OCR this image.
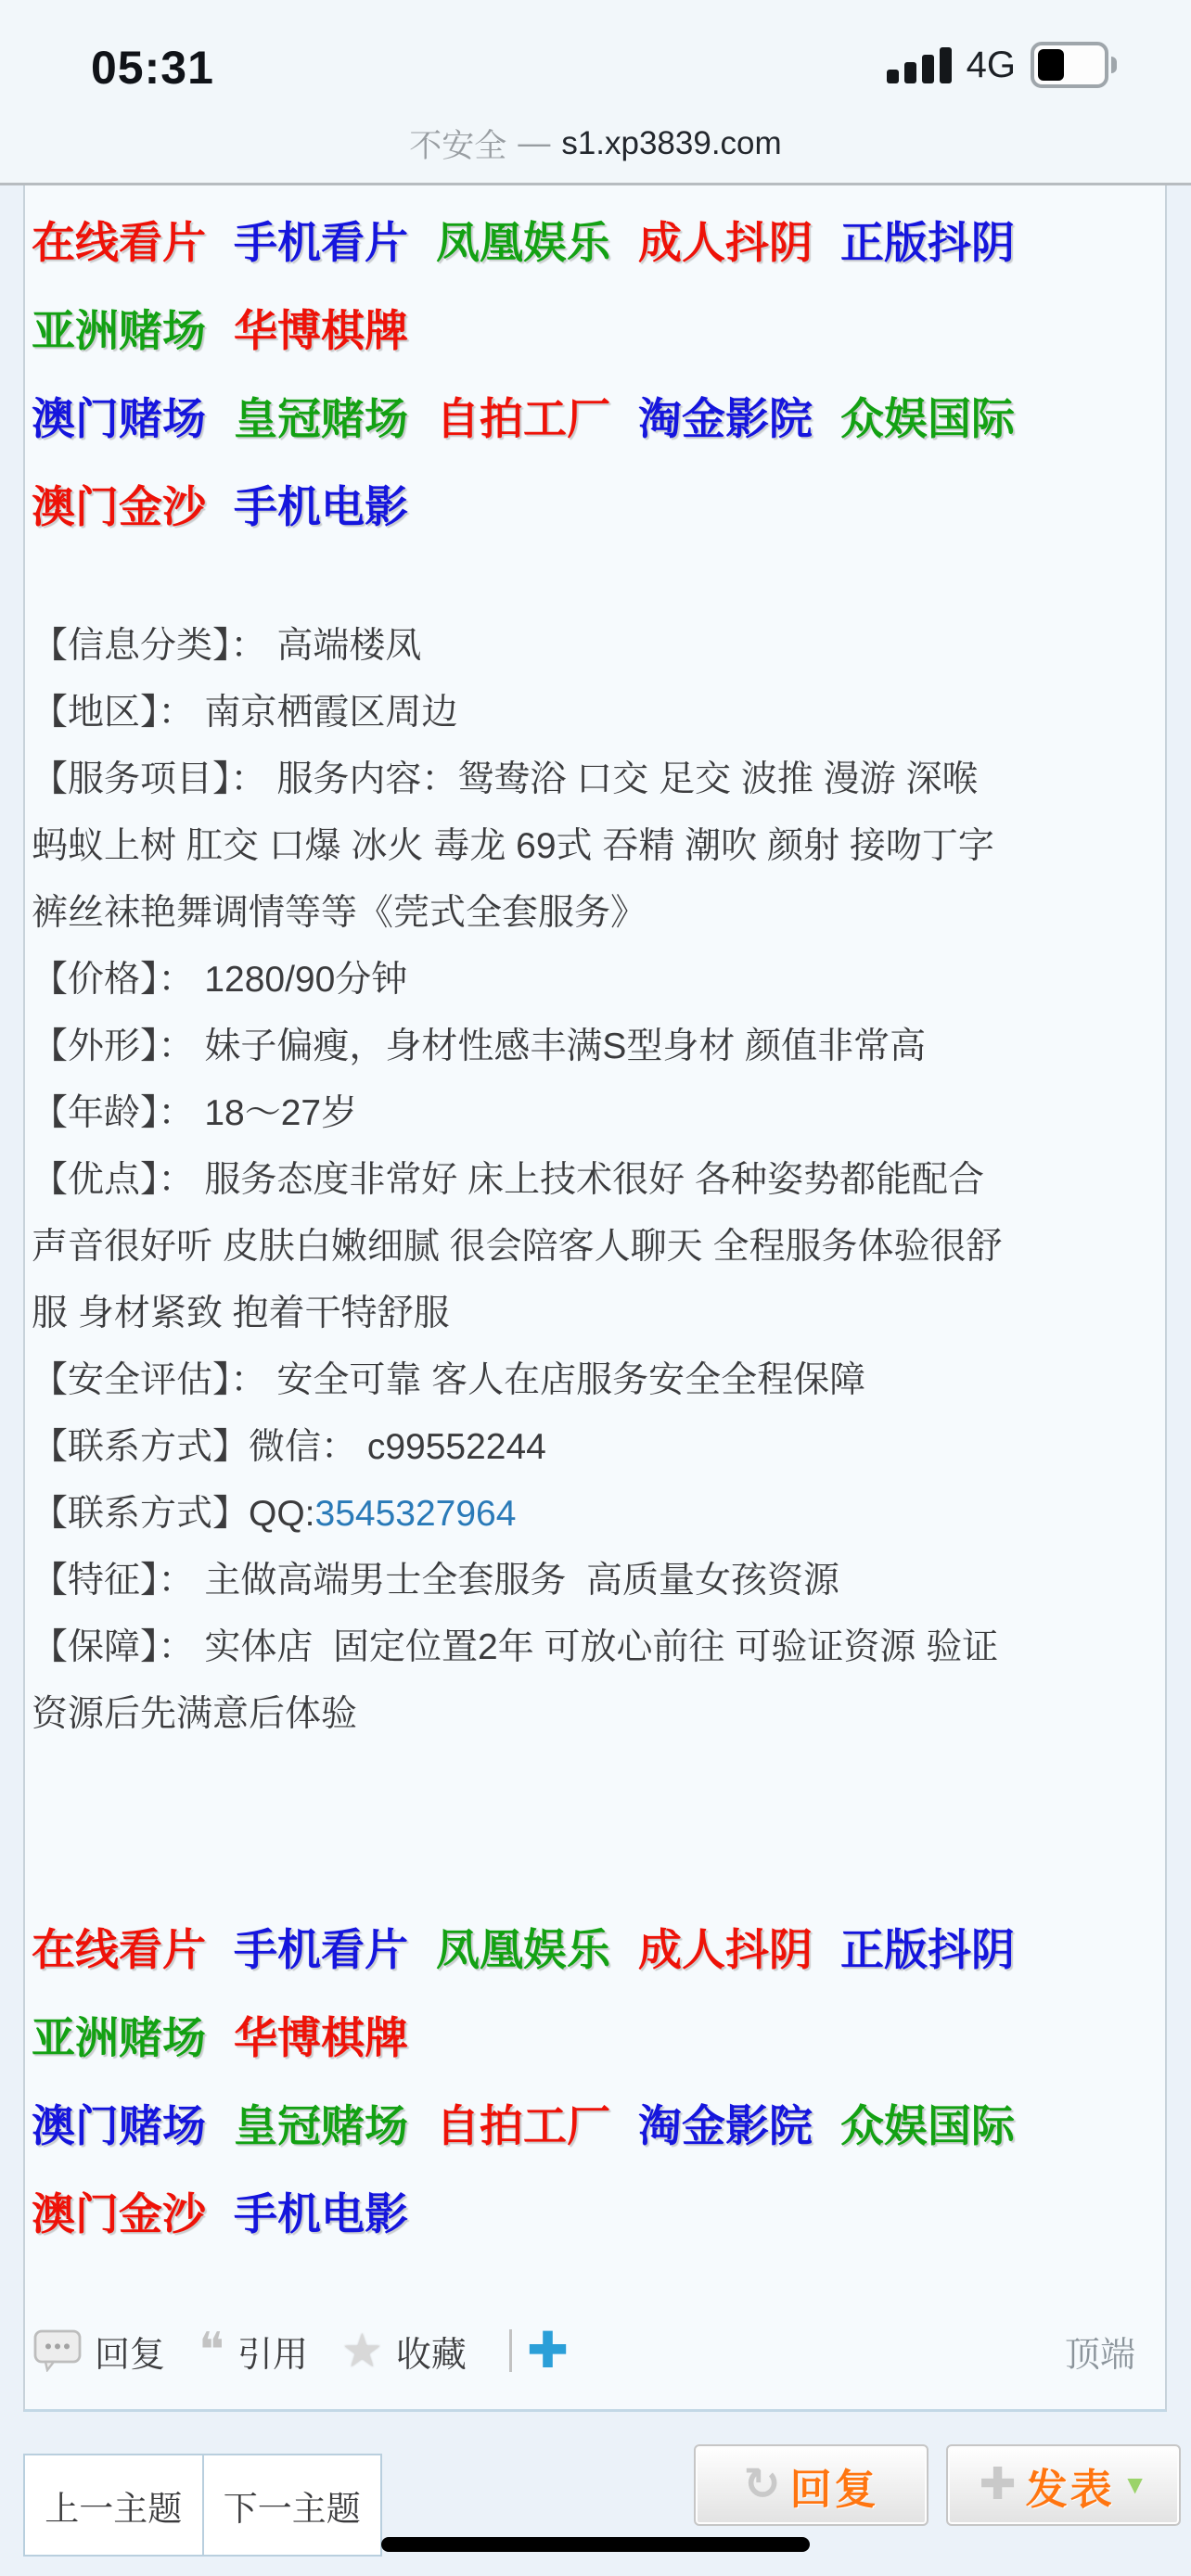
05:31	4G
不安全 — s1.xp3839.com
在线看片 手机看片 凤凰娱乐 成人抖阴 正版抖阴
亚洲赌场 华博棋牌
澳门赌场 皇冠赌场 自拍工厂 淘金影院 众娱国际
澳门金沙 手机电影
【信息分类】： 高端楼凤
【地区】： 南京栖霞区周边
【服务项目】： 服务内容：鸳鸯浴 口交 足交 波推 漫游 深喉
蚂蚁上树 肛交 口爆 冰火 毒龙 69式 吞精 潮吹 颜射 接吻丁字
裤丝袜艳舞调情等等《莞式全套服务》
【价格】： 1280/90分钟
【外形】： 妹子偏瘦，身材性感丰满S型身材 颜值非常高
【年龄】： 18～27岁
【优点】： 服务态度非常好 床上技术很好 各种姿势都能配合
声音很好听 皮肤白嫩细腻 很会陪客人聊天 全程服务体验很舒
服 身材紧致 抱着干特舒服
【安全评估】： 安全可靠 客人在店服务安全全程保障
【联系方式】微信： c99552244
【联系方式】QQ:3545327964
【特征】： 主做高端男士全套服务  高质量女孩资源
【保障】： 实体店  固定位置2年 可放心前往 可验证资源 验证
资源后先满意后体验
在线看片 手机看片 凤凰娱乐 成人抖阴 正版抖阴
亚洲赌场 华博棋牌
澳门赌场 皇冠赌场 自拍工厂 淘金影院 众娱国际
澳门金沙 手机电影
回复 ❝ 引用 ★ 收藏 ✚	顶端
上一主题	下一主题	↻ 回复 ✚ 发表 ▼
